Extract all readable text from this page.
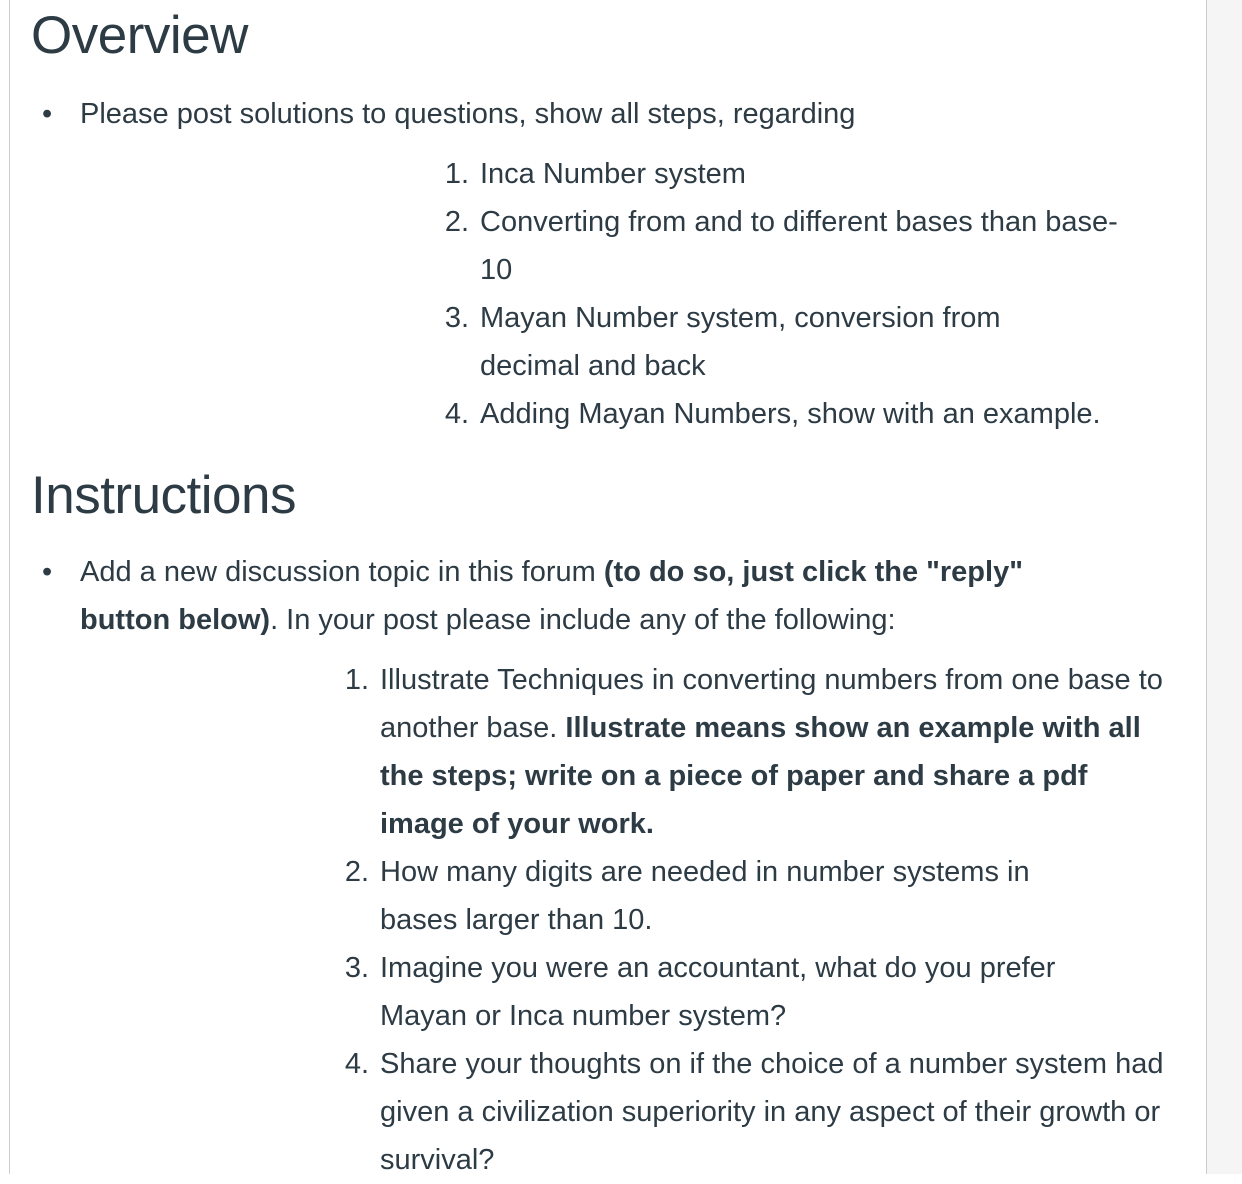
Overview

• Please post solutions to questions, show all steps, regarding

1. Inca Number system
2. Converting from and to different bases than base-10
3. Mayan Number system, conversion from decimal and back
4. Adding Mayan Numbers, show with an example.
Instructions

• Add a new discussion topic in this forum (to do so, just click the "reply" button below). In your post please include any of the following:

1. Illustrate Techniques in converting numbers from one base to another base. Illustrate means show an example with all the steps; write on a piece of paper and share a pdf image of your work.
2. How many digits are needed in number systems in bases larger than 10.
3. Imagine you were an accountant, what do you prefer Mayan or Inca number system?
4. Share your thoughts on if the choice of a number system had given a civilization superiority in any aspect of their growth or survival?
